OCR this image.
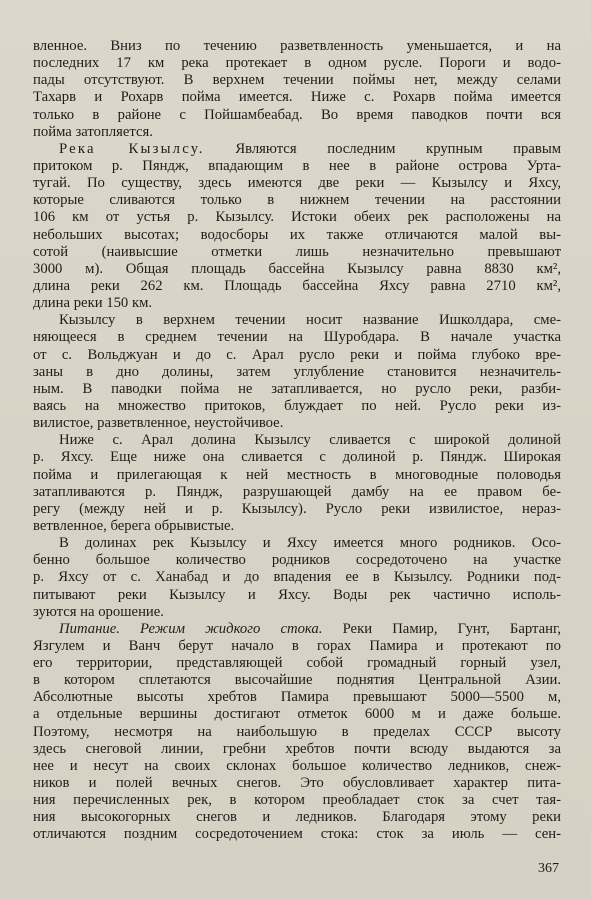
вленное. Вниз по течению разветвленность уменьшается, и на
последних 17 км река протекает в одном русле. Пороги и водо-
пады отсутствуют. В верхнем течении поймы нет, между селами
Тахарв и Рохарв пойма имеется. Ниже с. Рохарв пойма имеется
только в районе с Пойшамбеабад. Во время паводков почти вся
пойма затопляется.
Река Кызылсу. Являются последним крупным правым
притоком р. Пяндж, впадающим в нее в районе острова Урта-
тугай. По существу, здесь имеются две реки — Кызылсу и Яхсу,
которые сливаются только в нижнем течении на расстоянии
106 км от устья р. Кызылсу. Истоки обеих рек расположены на
небольших высотах; водосборы их также отличаются малой вы-
сотой (наивысшие отметки лишь незначительно превышают
3000 м). Общая площадь бассейна Кызылсу равна 8830 км²,
длина реки 262 км. Площадь бассейна Яхсу равна 2710 км²,
длина реки 150 км.
Кызылсу в верхнем течении носит название Ишколдара, сме-
няющееся в среднем течении на Шуробдара. В начале участка
от с. Вольджуан и до с. Арал русло реки и пойма глубоко вре-
заны в дно долины, затем углубление становится незначитель-
ным. В паводки пойма не затапливается, но русло реки, разби-
ваясь на множество притоков, блуждает по ней. Русло реки из-
вилистое, разветвленное, неустойчивое.
Ниже с. Арал долина Кызылсу сливается с широкой долиной
р. Яхсу. Еще ниже она сливается с долиной р. Пяндж. Широкая
пойма и прилегающая к ней местность в многоводные половодья
затапливаются р. Пяндж, разрушающей дамбу на ее правом бе-
регу (между ней и р. Кызылсу). Русло реки извилистое, нераз-
ветвленное, берега обрывистые.
В долинах рек Кызылсу и Яхсу имеется много родников. Осо-
бенно большое количество родников сосредоточено на участке
р. Яхсу от с. Ханабад и до впадения ее в Кызылсу. Родники под-
питывают реки Кызылсу и Яхсу. Воды рек частично исполь-
зуются на орошение.
Питание. Режим жидкого стока. Реки Памир, Гунт, Бартанг,
Язгулем и Ванч берут начало в горах Памира и протекают по
его территории, представляющей собой громадный горный узел,
в котором сплетаются высочайшие поднятия Центральной Азии.
Абсолютные высоты хребтов Памира превышают 5000—5500 м,
а отдельные вершины достигают отметок 6000 м и даже больше.
Поэтому, несмотря на наибольшую в пределах СССР высоту
здесь снеговой линии, гребни хребтов почти всюду выдаются за
нее и несут на своих склонах большое количество ледников, снеж-
ников и полей вечных снегов. Это обусловливает характер пита-
ния перечисленных рек, в котором преобладает сток за счет тая-
ния высокогорных снегов и ледников. Благодаря этому реки
отличаются поздним сосредоточением стока: сток за июль — сен-
367
